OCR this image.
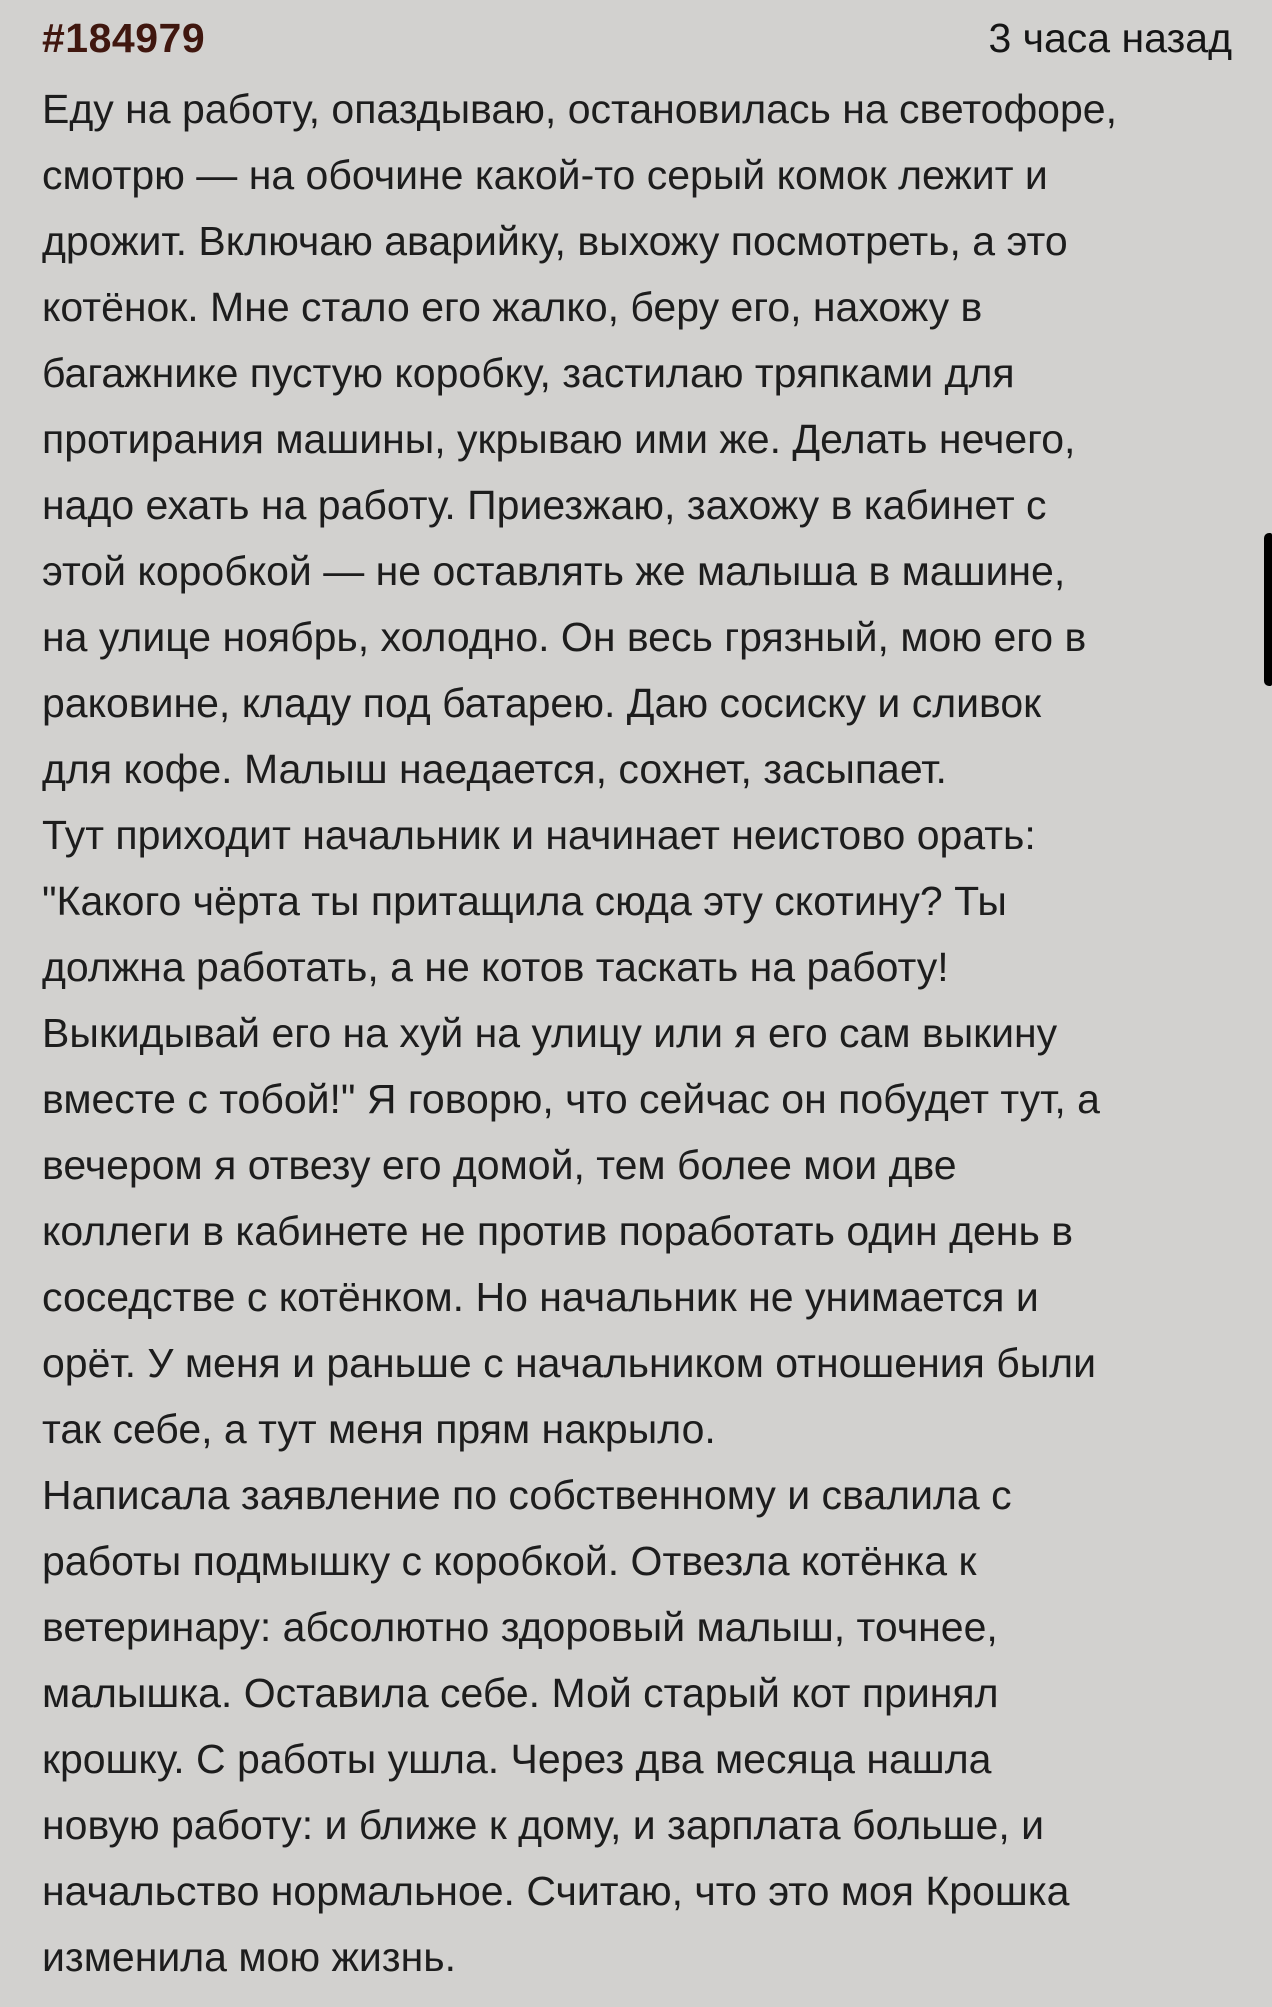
#184979	3 часа назад
Еду на работу, опаздываю, остановилась на светофоре,
смотрю — на обочине какой-то серый комок лежит и
дрожит. Включаю аварийку, выхожу посмотреть, а это
котёнок. Мне стало его жалко, беру его, нахожу в
багажнике пустую коробку, застилаю тряпками для
протирания машины, укрываю ими же. Делать нечего,
надо ехать на работу. Приезжаю, захожу в кабинет с
этой коробкой — не оставлять же малыша в машине,
на улице ноябрь, холодно. Он весь грязный, мою его в
раковине, кладу под батарею. Даю сосиску и сливок
для кофе. Малыш наедается, сохнет, засыпает.
Тут приходит начальник и начинает неистово орать:
"Какого чёрта ты притащила сюда эту скотину? Ты
должна работать, а не котов таскать на работу!
Выкидывай его на хуй на улицу или я его сам выкину
вместе с тобой!" Я говорю, что сейчас он побудет тут, а
вечером я отвезу его домой, тем более мои две
коллеги в кабинете не против поработать один день в
соседстве с котёнком. Но начальник не унимается и
орёт. У меня и раньше с начальником отношения были
так себе, а тут меня прям накрыло.
Написала заявление по собственному и свалила с
работы подмышку с коробкой. Отвезла котёнка к
ветеринару: абсолютно здоровый малыш, точнее,
малышка. Оставила себе. Мой старый кот принял
крошку. С работы ушла. Через два месяца нашла
новую работу: и ближе к дому, и зарплата больше, и
начальство нормальное. Считаю, что это моя Крошка
изменила мою жизнь.
